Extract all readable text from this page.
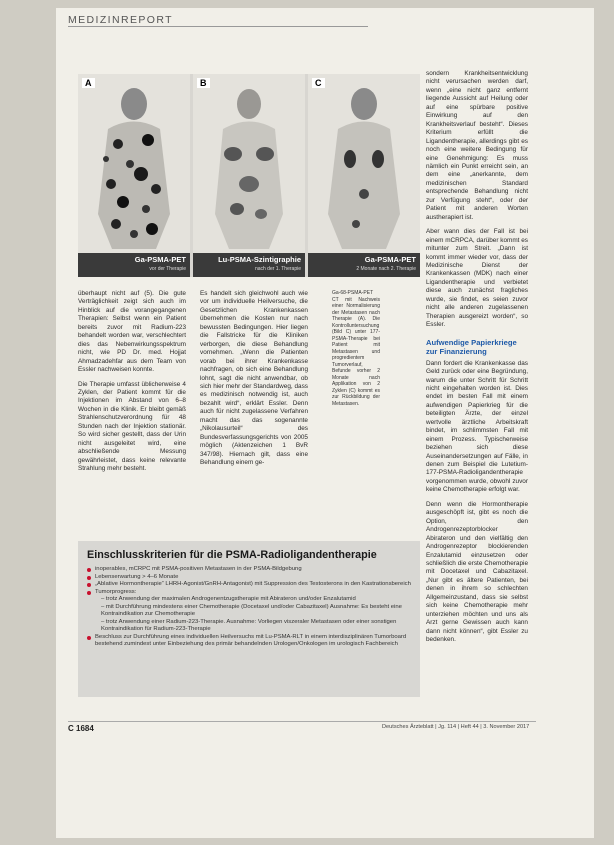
MEDIZINREPORT
A
Ga-PSMA-PET
vor der Therapie
B
Lu-PSMA-Szintigraphie
nach der 1. Therapie
C
Ga-PSMA-PET
2 Monate nach 2. Therapie

überhaupt nicht auf (5). Die gute Verträglichkeit zeigt sich auch im Hinblick auf die vorangegangenen Therapien: Selbst wenn ein Patient bereits zuvor mit Radium-223 behandelt worden war, verschlechtert dies das Nebenwirkungsspektrum nicht, wie PD Dr. med. Hojjat Ahmadzadehfar aus dem Team von Essler nachweisen konnte.

Die Therapie umfasst üblicherweise 4 Zyklen, der Patient kommt für die Injektionen im Abstand von 6–8 Wochen in die Klinik. Er bleibt gemäß Strahlenschutzverordnung für 48 Stunden nach der Injektion stationär. So wird sicher gestellt, dass der Urin nicht ausgeleitet wird, eine abschließende Messung gewährleistet, dass keine relevante Strahlung mehr besteht.

Es handelt sich gleichwohl auch wie vor um individuelle Heilversuche, die Gesetzlichen Krankenkassen übernehmen die Kosten nur nach bewussten Bedingungen. Hier liegen die Fallstricke für die Kliniken verborgen, die diese Behandlung vornehmen. „Wenn die Patienten vorab bei ihrer Krankenkasse nachfragen, ob sich eine Behandlung lohnt, sagt die nicht anwendbar, ob sich hier mehr der Standardweg, dass es medizinisch notwendig ist, auch bezahlt wird“, erklärt Essler. Denn auch für nicht zugelassene Verfahren macht das das sogenannte „Nikolausurteil“ des Bundesverfassungsgerichts von 2005 möglich (Aktenzeichen 1 BvR 347/98). Hiernach gilt, dass eine Behandlung einem ge-

Ga-68-PSMA-PET CT mit Nachweis einer Normalisierung der Metastasen nach Therapie (A). Die Kontrolluntersuchung (Bild C) unter 177-PSMA-Therapie bei Patient mit Metastasen und progredientem Tumorverlauf, Befunde vorher 2 Monate nach Applikation von 2 Zyklen (C) kommt es zur Rückbildung der Metastasen.

sondern Krankheitsentwicklung nicht verursachen werden darf, wenn „eine nicht ganz entfernt liegende Aussicht auf Heilung oder auf eine spürbare positive Einwirkung auf den Krankheitsverlauf besteht“. Dieses Kriterium erfüllt die Ligandentherapie, allerdings gibt es noch eine weitere Bedingung für eine Genehmigung: Es muss nämlich ein Punkt erreicht sein, an dem eine „anerkannte, dem medizinischen Standard entsprechende Behandlung nicht zur Verfügung steht“, oder der Patient mit anderen Worten austherapiert ist.

Aber wann dies der Fall ist bei einem mCRPCA, darüber kommt es mitunter zum Streit. „Dann ist kommt immer wieder vor, dass der Medizinische Dienst der Krankenkassen (MDK) nach einer Ligandentherapie und verbietet diese auch zunächst fragliches wurde, sie findet, es seien zuvor nicht alle anderen zugelassenen Therapien ausgereizt worden“, so Essler.

Aufwendige Papierkriege zur Finanzierung

Dann fordert die Krankenkasse das Geld zurück oder eine Begründung, warum die unter Schritt für Schritt nicht eingehalten worden ist. Dies endet im besten Fall mit einem aufwendigen Papierkrieg für die beteiligten Ärzte, der einzel wertvolle ärztliche Arbeitskraft bindet, im schlimmsten Fall mit einem Prozess. Typischerweise beziehen sich diese Auseinandersetzungen auf Fälle, in denen zum Beispiel die Lutetium-177-PSMA-Radioligandentherapie vorgenommen wurde, obwohl zuvor keine Chemotherapie erfolgt war.

Denn wenn die Hormontherapie ausgeschöpft ist, gibt es noch die Option, den Androgenrezeptorblocker Abirateron und den vielfältig den Androgenrezeptor blockierenden Enzalutamid einzusetzen oder schließlich die erste Chemotherapie mit Docetaxel und Cabazitaxel. „Nur gibt es ältere Patienten, bei denen in ihrem so schlechten Allgemeinzustand, dass sie selbst sich keine Chemotherapie mehr unterziehen möchten und uns als Arzt gerne Gewissen auch kann dann nicht können“, gibt Essler zu bedenken.

Einschlusskriterien für die PSMA-Radioligandentherapie
inoperables, mCRPC mit PSMA-positiven Metastasen in der PSMA-Bildgebung
Lebenserwartung > 4–6 Monate
„Ablative Hormontherapie“ LHRH-Agonist/GnRH-Antagonist) mit Suppression des Testosterons in den Kastrationsbereich
Tumorprogress:
– trotz Anwendung der maximalen Androgenentzugstherapie mit Abirateron und/oder Enzalutamid
– mit Durchführung mindestens einer Chemotherapie (Docetaxel und/oder Cabazitaxel) Ausnahme: Es besteht eine Kontraindikation zur Chemotherapie
– trotz Anwendung einer Radium-223-Therapie. Ausnahme: Vorliegen viszeraler Metastasen oder einer sonstigen Kontraindikation für Radium-223-Therapie
Beschluss zur Durchführung eines individuellen Heilversuchs mit Lu-PSMA-RLT in einem interdisziplinären Tumorboard bestehend zumindest unter Einbeziehung des primär behandelnden Urologen/Onkologen im urologisch Fachbereich
C 1684	Deutsches Ärzteblatt | Jg. 114 | Heft 44 | 3. November 2017
